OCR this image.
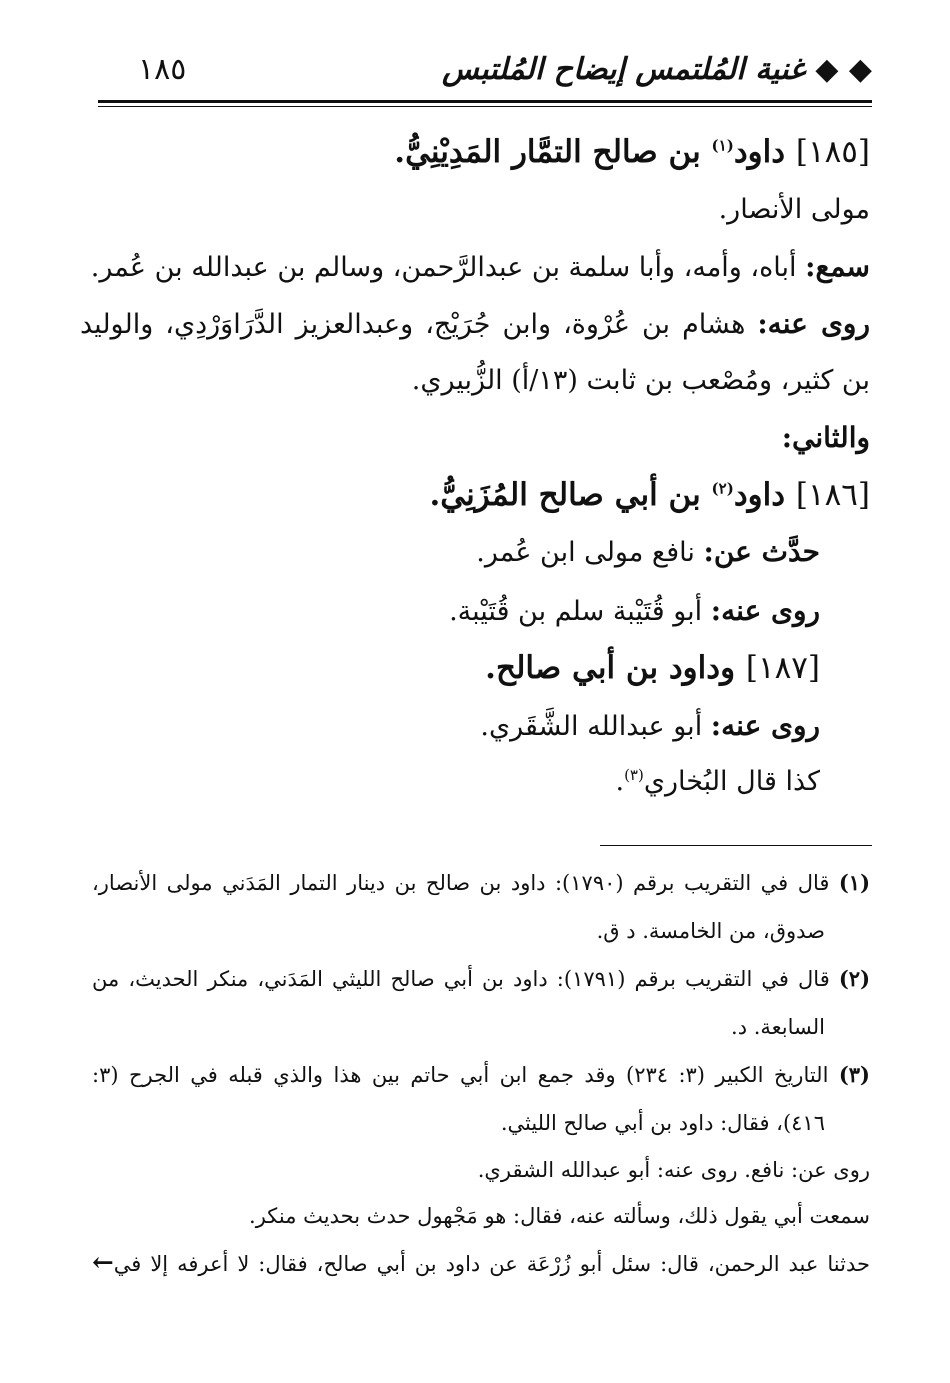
◆ ◆ غنية المُلتمس إيضاح المُلتبس
١٨٥
[١٨٥] داود$^{(١)}$ بن صالح التمَّار المَدِيْنِيُّ.
مولى الأنصار.
سمع: أباه، وأمه، وأبا سلمة بن عبدالرَّحمن، وسالم بن عبدالله بن عُمر.
روى عنه: هشام بن عُرْوة، وابن جُرَيْج، وعبدالعزيز الدَّرَاوَرْدِي، والوليد
بن كثير، ومُصْعب بن ثابت (١٣/أ) الزُّبيري.
والثاني:
[١٨٦] داود$^{(٢)}$ بن أبي صالح المُزَنِيُّ.
حدَّث عن: نافع مولى ابن عُمر.
روى عنه: أبو قُتَيْبة سلم بن قُتَيْبة.
[١٨٧] وداود بن أبي صالح.
روى عنه: أبو عبدالله الشَّقَري.
كذا قال البُخاري$^{(٣)}$.
(١) قال في التقريب برقم (١٧٩٠): داود بن صالح بن دينار التمار المَدَني مولى الأنصار،
صدوق، من الخامسة. د ق.
(٢) قال في التقريب برقم (١٧٩١): داود بن أبي صالح الليثي المَدَني، منكر الحديث، من
السابعة. د.
(٣) التاريخ الكبير (٣: ٢٣٤) وقد جمع ابن أبي حاتم بين هذا والذي قبله في الجرح (٣:
٤١٦)، فقال: داود بن أبي صالح الليثي.
روى عن: نافع. روى عنه: أبو عبدالله الشقري.
سمعت أبي يقول ذلك، وسألته عنه، فقال: هو مَجْهول حدث بحديث منكر.
حدثنا عبد الرحمن، قال: سئل أبو زُرْعَة عن داود بن أبي صالح، فقال: لا أعرفه إلا في←
